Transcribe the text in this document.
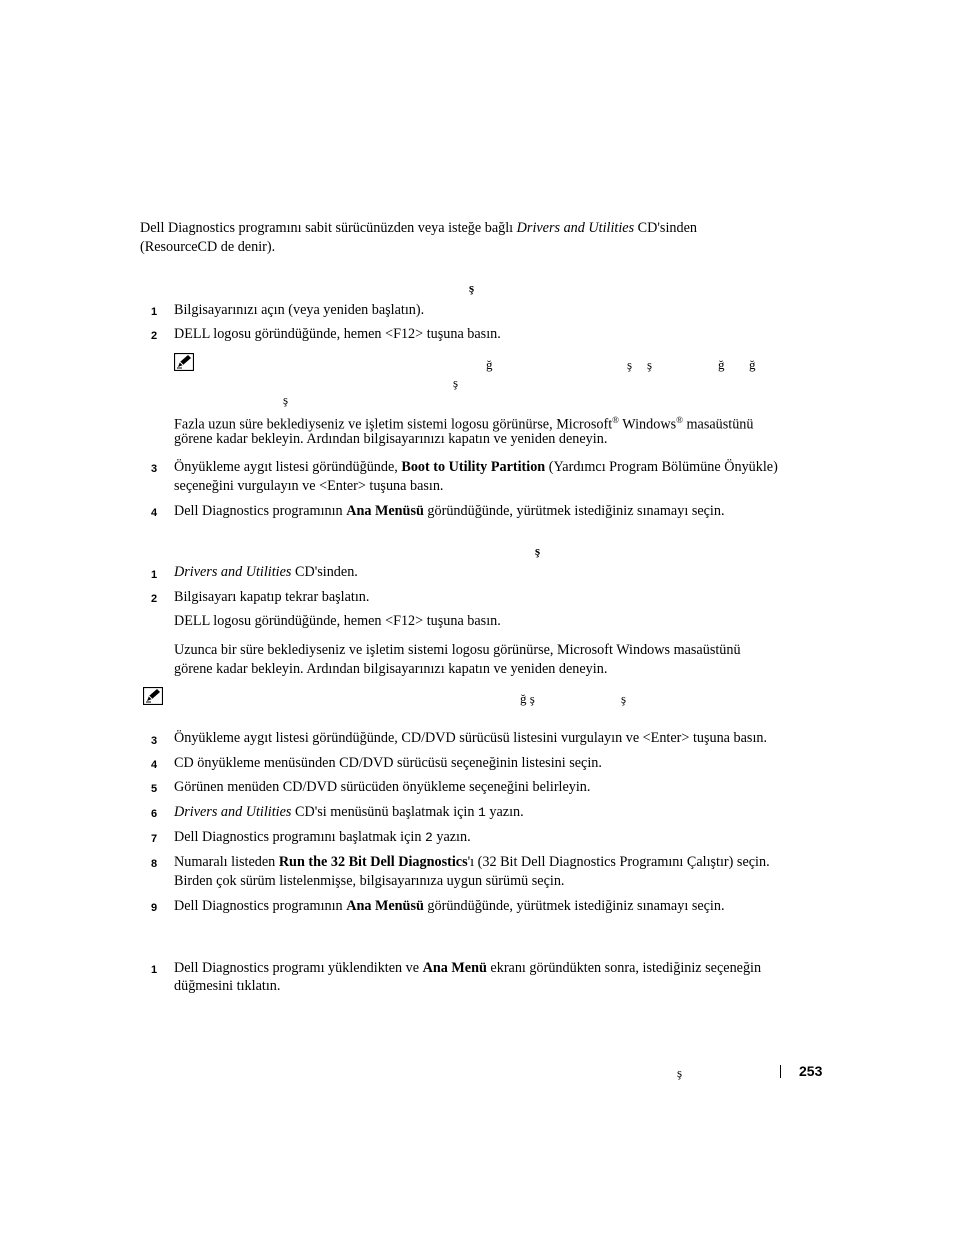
Dell Diagnostics programını sabit sürücünüzden veya isteğe bağlı Drivers and Utilities CD'sinden
(ResourceCD de denir).
ş
1 Bilgisayarınızı açın (veya yeniden başlatın).
2 DELL logosu göründüğünde, hemen <F12> tuşuna basın.
ğ	ş ş	ğ ğ
ş
ş
Fazla uzun süre beklediyseniz ve işletim sistemi logosu görünürse, Microsoft® Windows® masaüstünü
görene kadar bekleyin. Ardından bilgisayarınızı kapatın ve yeniden deneyin.
3 Önyükleme aygıt listesi göründüğünde, Boot to Utility Partition (Yardımcı Program Bölümüne Önyükle)
seçeneğini vurgulayın ve <Enter> tuşuna basın.
4 Dell Diagnostics programının Ana Menüsü göründüğünde, yürütmek istediğiniz sınamayı seçin.
ş
1 Drivers and Utilities CD'sinden.
2 Bilgisayarı kapatıp tekrar başlatın.
DELL logosu göründüğünde, hemen <F12> tuşuna basın.
Uzunca bir süre beklediyseniz ve işletim sistemi logosu görünürse, Microsoft Windows masaüstünü
görene kadar bekleyin. Ardından bilgisayarınızı kapatın ve yeniden deneyin.
ğ ş	ş
3 Önyükleme aygıt listesi göründüğünde, CD/DVD sürücüsü listesini vurgulayın ve <Enter> tuşuna basın.
4 CD önyükleme menüsünden CD/DVD sürücüsü seçeneğinin listesini seçin.
5 Görünen menüden CD/DVD sürücüden önyükleme seçeneğini belirleyin.
6 Drivers and Utilities CD'si menüsünü başlatmak için 1 yazın.
7 Dell Diagnostics programını başlatmak için 2 yazın.
8 Numaralı listeden Run the 32 Bit Dell Diagnostics'ı (32 Bit Dell Diagnostics Programını Çalıştır) seçin.
Birden çok sürüm listelenmişse, bilgisayarınıza uygun sürümü seçin.
9 Dell Diagnostics programının Ana Menüsü göründüğünde, yürütmek istediğiniz sınamayı seçin.
1 Dell Diagnostics programı yüklendikten ve Ana Menü ekranı göründükten sonra, istediğiniz seçeneğin
düğmesini tıklatın.
ş	253
